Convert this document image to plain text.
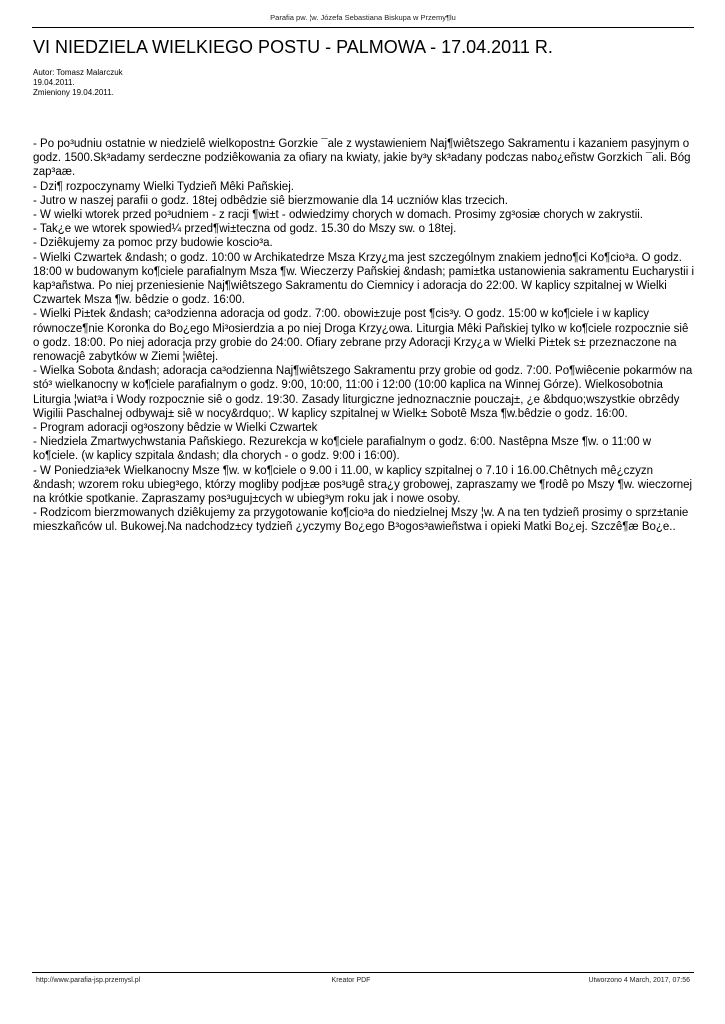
Parafia pw. ¦w. Józefa Sebastiana Biskupa w Przemy¶lu
VI NIEDZIELA WIELKIEGO POSTU - PALMOWA - 17.04.2011 R.
Autor: Tomasz Malarczuk
19.04.2011.
Zmieniony 19.04.2011.

- Po po³udniu ostatnie w niedzielê wielkopostn± Gorzkie ¯ale z wystawieniem Naj¶wiêtszego Sakramentu i kazaniem pasyjnym o godz. 1500.Sk³adamy serdeczne podziêkowania za ofiary na kwiaty, jakie by³y sk³adany podczas nabo¿eñstw Gorzkich ¯ali. Bóg zap³aæ.

- Dzi¶ rozpoczynamy Wielki Tydzieñ Mêki Pañskiej.

- Jutro w naszej parafii o godz. 18tej odbêdzie siê bierzmowanie dla 14 uczniów klas trzecich.

- W wielki wtorek przed po³udniem - z racji ¶wi±t - odwiedzimy chorych w domach. Prosimy zg³osiæ chorych w zakrystii.

- Tak¿e we wtorek spowied¼ przed¶wi±teczna od godz. 15.30 do Mszy sw. o 18tej.

- Dziêkujemy za pomoc przy budowie koscio³a.

- Wielki Czwartek &ndash; o godz. 10:00 w Archikatedrze Msza Krzy¿ma jest szczególnym znakiem jedno¶ci Ko¶cio³a. O godz. 18:00 w budowanym ko¶ciele parafialnym Msza ¶w. Wieczerzy Pañskiej &ndash; pami±tka ustanowienia sakramentu Eucharystii i kap³añstwa. Po niej przeniesienie Naj¶wiêtszego Sakramentu do Ciemnicy i adoracja do 22:00. W kaplicy szpitalnej w Wielki Czwartek Msza ¶w. bêdzie o godz. 16:00.

- Wielki Pi±tek &ndash; ca³odzienna adoracja od godz. 7:00. obowi±zuje post ¶cis³y. O godz. 15:00 w ko¶ciele i w kaplicy równocze¶nie Koronka do Bo¿ego Mi³osierdzia a po niej Droga Krzy¿owa. Liturgia Mêki Pañskiej tylko w ko¶ciele rozpocznie siê o godz. 18:00. Po niej adoracja przy grobie do 24:00. Ofiary zebrane przy Adoracji Krzy¿a w Wielki Pi±tek s± przeznaczone na renowacjê zabytków w Ziemi ¦wiêtej.

- Wielka Sobota &ndash; adoracja ca³odzienna Naj¶wiêtszego Sakramentu przy grobie od godz. 7:00. Po¶wiêcenie pokarmów na stó³ wielkanocny w ko¶ciele parafialnym o godz. 9:00, 10:00, 11:00 i 12:00 (10:00 kaplica na Winnej Górze). Wielkosobotnia Liturgia ¦wiat³a i Wody rozpocznie siê o godz. 19:30. Zasady liturgiczne jednoznacznie pouczaj±, ¿e &bdquo;wszystkie obrzêdy Wigilii Paschalnej odbywaj± siê w nocy&rdquo;. W kaplicy szpitalnej w Wielk± Sobotê Msza ¶w.bêdzie o godz. 16:00.

- Program adoracji og³oszony bêdzie w Wielki Czwartek

- Niedziela Zmartwychwstania Pañskiego. Rezurekcja w ko¶ciele parafialnym o godz. 6:00. Nastêpna Msze ¶w. o 11:00 w ko¶ciele. (w kaplicy szpitala &ndash; dla chorych - o godz. 9:00 i 16:00).

- W Poniedzia³ek Wielkanocny Msze ¶w. w ko¶ciele o 9.00 i 11.00, w kaplicy szpitalnej o 7.10 i 16.00.Chêtnych mê¿czyzn &ndash; wzorem roku ubieg³ego, którzy mogliby podj±æ pos³ugê stra¿y grobowej, zapraszamy we ¶rodê po Mszy ¶w. wieczornej na krótkie spotkanie. Zapraszamy pos³uguj±cych w ubieg³ym roku jak i nowe osoby.

- Rodzicom bierzmowanych dziêkujemy za przygotowanie ko¶cio³a do niedzielnej Mszy ¦w. A na ten tydzieñ prosimy o sprz±tanie mieszkañców ul. Bukowej.Na nadchodz±cy tydzieñ ¿yczymy Bo¿ego B³ogos³awieñstwa i opieki Matki Bo¿ej. Szczê¶æ Bo¿e..

http://www.parafia-jsp.przemysl.pl	Kreator PDF	Utworzono 4 March, 2017, 07:56
